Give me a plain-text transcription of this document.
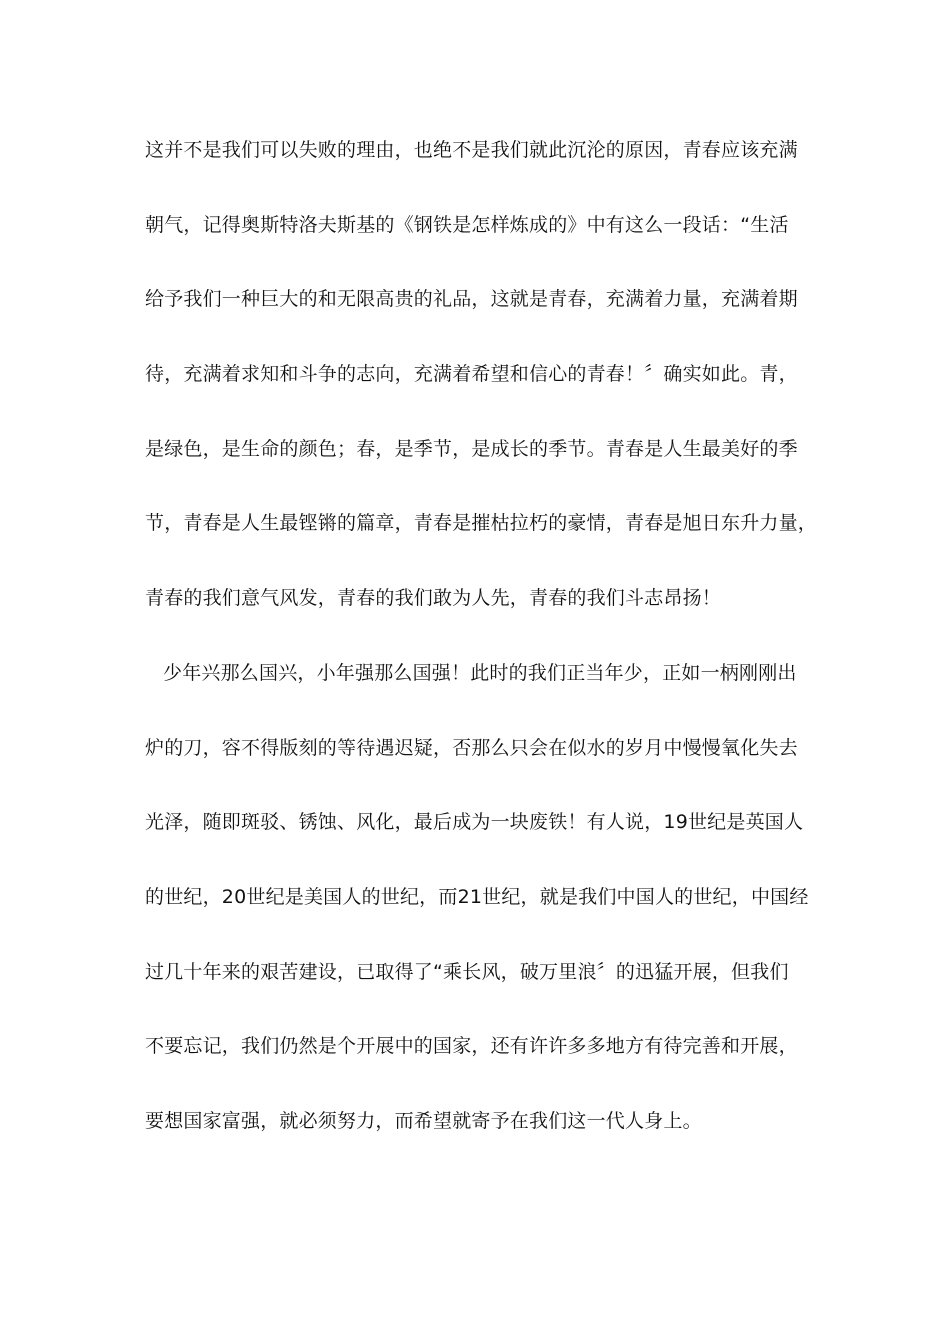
这并不是我们可以失败的理由，也绝不是我们就此沉沦的原因，青春应该充满
朝气，记得奥斯特洛夫斯基的《钢铁是怎样炼成的》中有这么一段话：“生活
给予我们一种巨大的和无限高贵的礼品，这就是青春，充满着力量，充满着期
待，充满着求知和斗争的志向，充满着希望和信心的青春！〞确实如此。青，
是绿色，是生命的颜色；春，是季节，是成长的季节。青春是人生最美好的季
节，青春是人生最铿锵的篇章，青春是摧枯拉朽的豪情，青春是旭日东升力量，
青春的我们意气风发，青春的我们敢为人先，青春的我们斗志昂扬！
少年兴那么国兴，小年强那么国强！此时的我们正当年少，正如一柄刚刚出
炉的刀，容不得版刻的等待遇迟疑，否那么只会在似水的岁月中慢慢氧化失去
光泽，随即斑驳、锈蚀、风化，最后成为一块废铁！有人说，19世纪是英国人
的世纪，20世纪是美国人的世纪，而21世纪，就是我们中国人的世纪，中国经
过几十年来的艰苦建设，已取得了“乘长风，破万里浪〞的迅猛开展，但我们
不要忘记，我们仍然是个开展中的国家，还有许许多多地方有待完善和开展，
要想国家富强，就必须努力，而希望就寄予在我们这一代人身上。
